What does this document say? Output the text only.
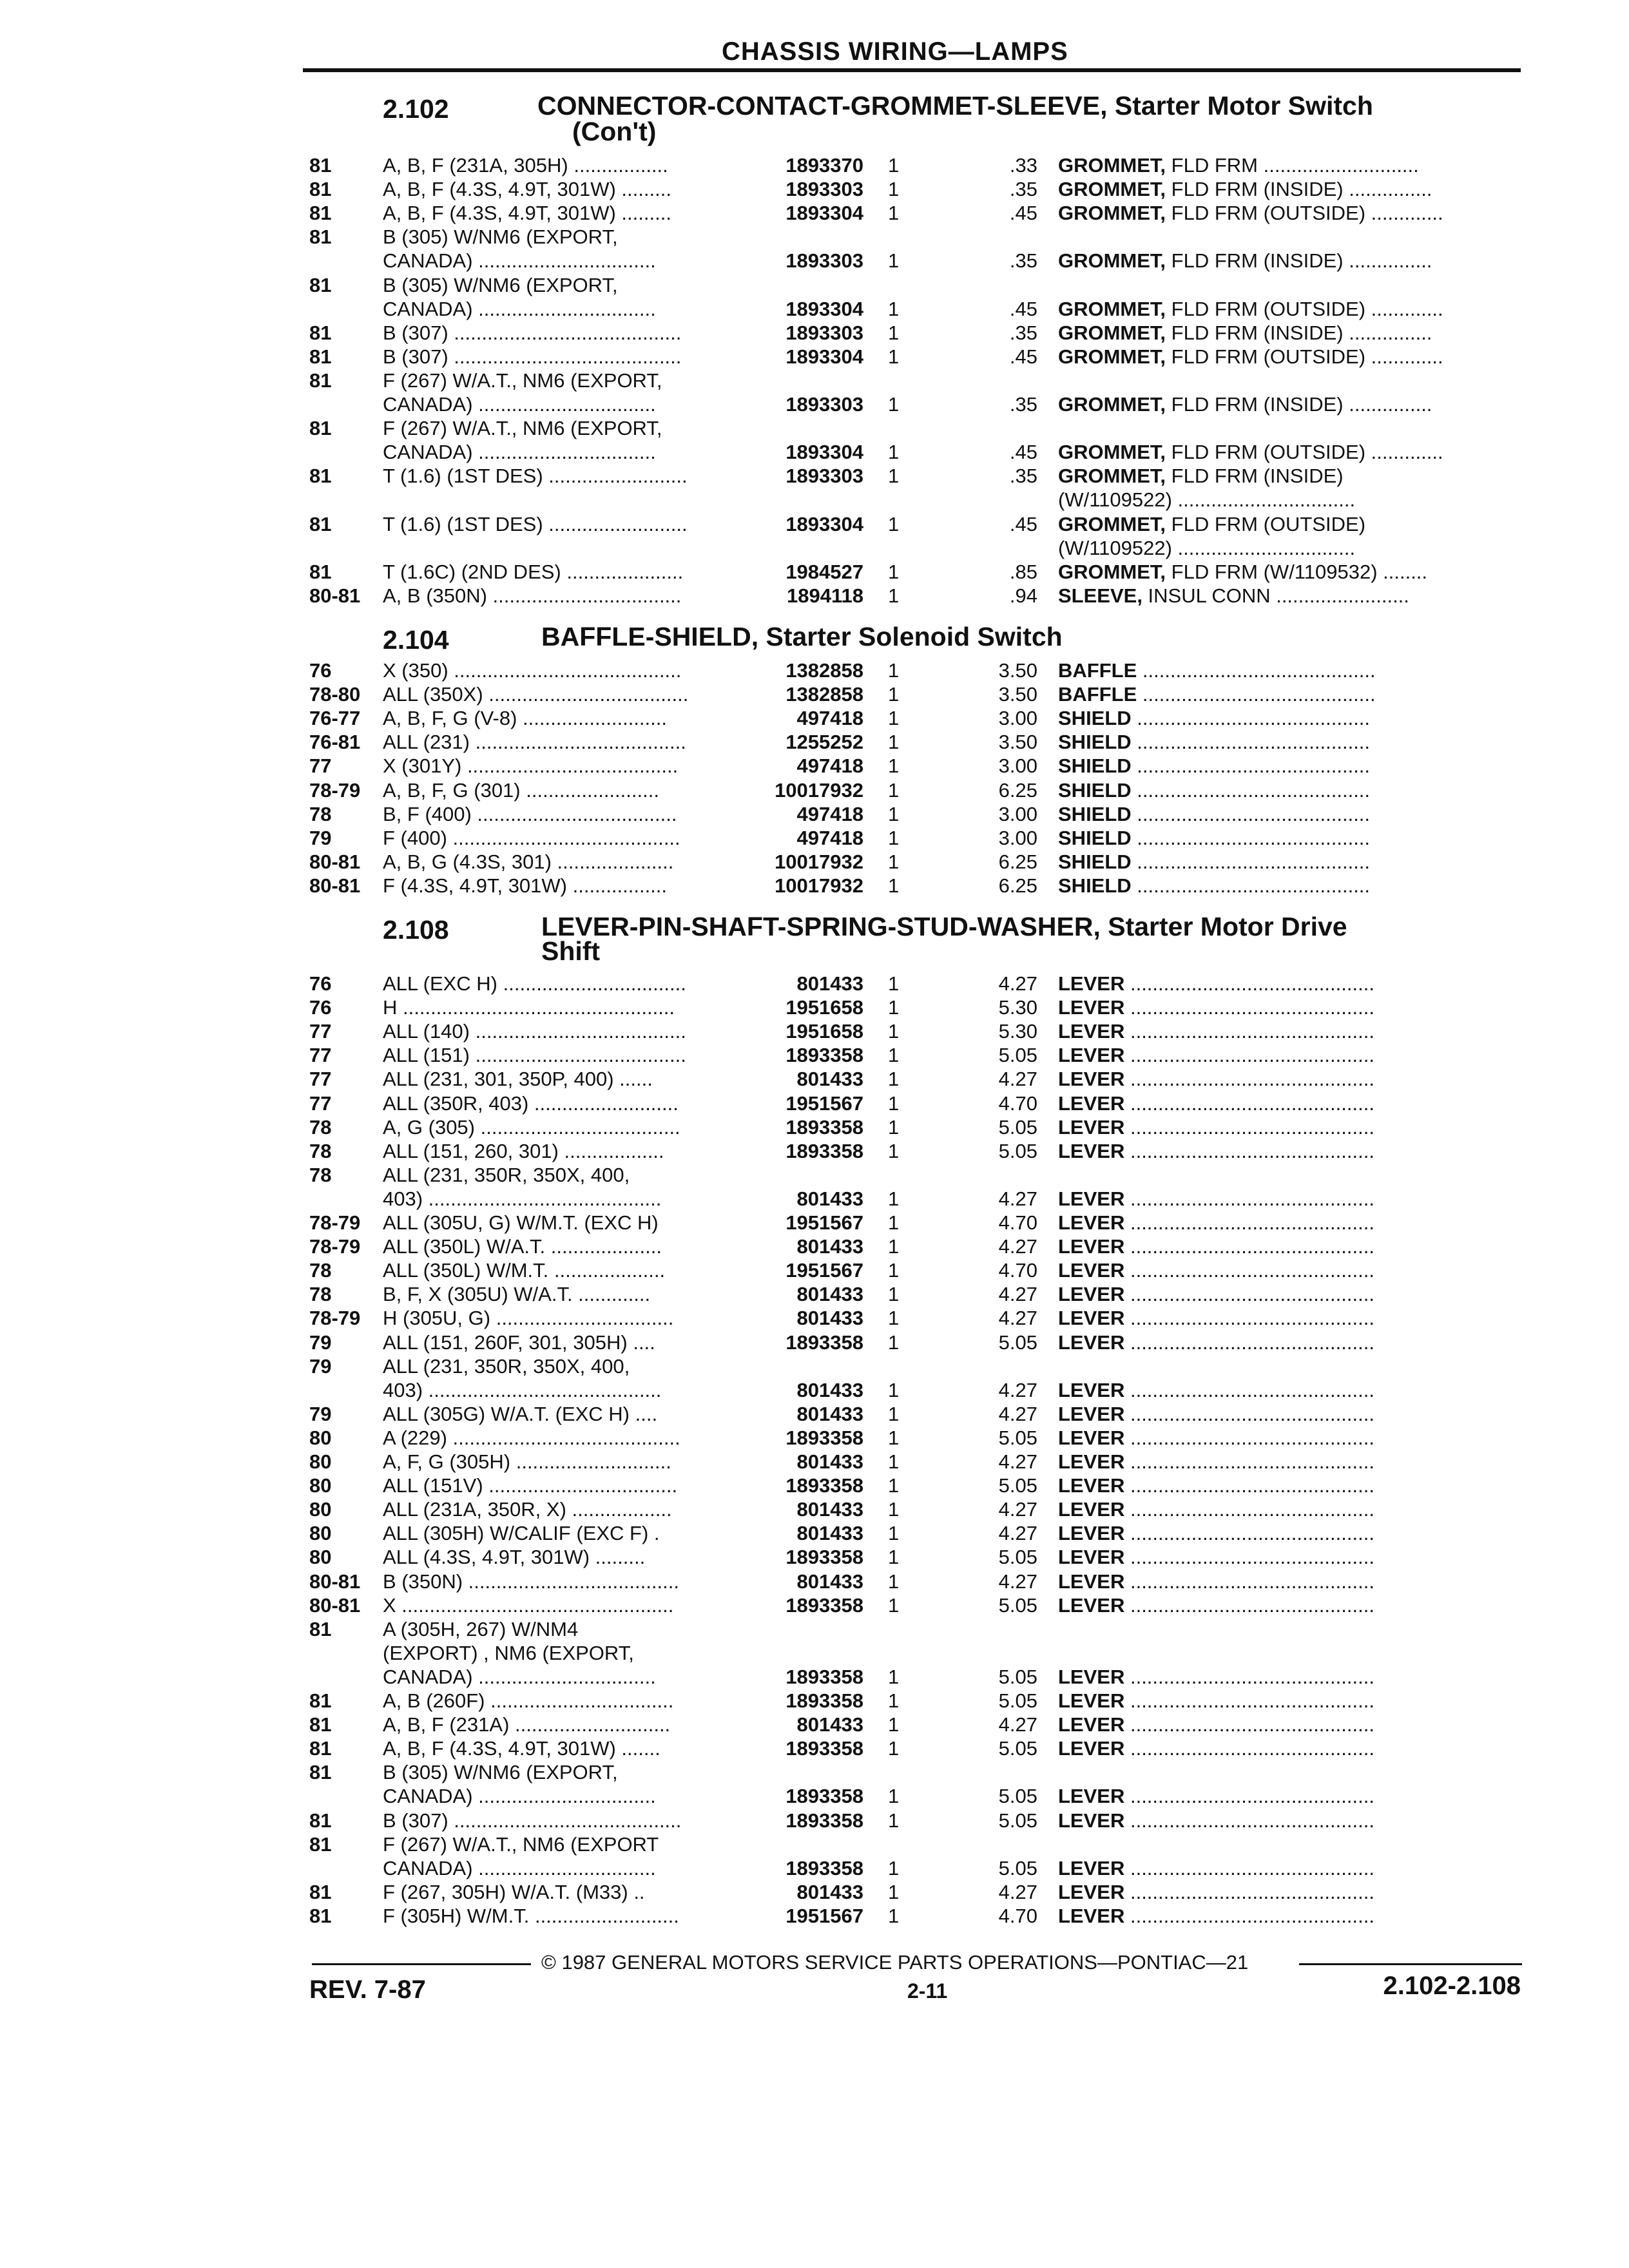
CHASSIS WIRING—LAMPS
2.102	CONNECTOR-CONTACT-GROMMET-SLEEVE, Starter Motor Switch
(Con't)
81	A, B, F (231A, 305H) .................	1893370 1	.33 GROMMET, FLD FRM ............................
81	A, B, F (4.3S, 4.9T, 301W) .........	1893303 1	.35 GROMMET, FLD FRM (INSIDE) ...............
81	A, B, F (4.3S, 4.9T, 301W) .........	1893304 1	.45 GROMMET, FLD FRM (OUTSIDE) .............
81	B (305) W/NM6 (EXPORT,
CANADA) ................................	1893303 1	.35 GROMMET, FLD FRM (INSIDE) ...............
81	B (305) W/NM6 (EXPORT,
CANADA) ................................	1893304 1	.45 GROMMET, FLD FRM (OUTSIDE) .............
81	B (307) .........................................	1893303 1	.35 GROMMET, FLD FRM (INSIDE) ...............
81	B (307) .........................................	1893304 1	.45 GROMMET, FLD FRM (OUTSIDE) .............
81	F (267) W/A.T., NM6 (EXPORT,
CANADA) ................................	1893303 1	.35 GROMMET, FLD FRM (INSIDE) ...............
81	F (267) W/A.T., NM6 (EXPORT,
CANADA) ................................	1893304 1	.45 GROMMET, FLD FRM (OUTSIDE) .............
81	T (1.6) (1ST DES) .........................	1893303 1	.35 GROMMET, FLD FRM (INSIDE)
(W/1109522) ................................
81	T (1.6) (1ST DES) .........................	1893304 1	.45 GROMMET, FLD FRM (OUTSIDE)
(W/1109522) ................................
81	T (1.6C) (2ND DES) .....................	1984527 1	.85 GROMMET, FLD FRM (W/1109532) ........
80-81 A, B (350N) ..................................	1894118 1	.94 SLEEVE, INSUL CONN ........................
2.104	BAFFLE-SHIELD, Starter Solenoid Switch
76	X (350) .........................................	1382858 1	3.50 BAFFLE ..........................................
78-80 ALL (350X) ....................................	1382858 1	3.50 BAFFLE ..........................................
76-77 A, B, F, G (V-8) ..........................	497418 1	3.00 SHIELD ..........................................
76-81 ALL (231) ......................................	1255252 1	3.50 SHIELD ..........................................
77	X (301Y) ......................................	497418 1	3.00 SHIELD ..........................................
78-79 A, B, F, G (301) ........................	10017932 1	6.25 SHIELD ..........................................
78	B, F (400) ....................................	497418 1	3.00 SHIELD ..........................................
79	F (400) .........................................	497418 1	3.00 SHIELD ..........................................
80-81 A, B, G (4.3S, 301) .....................	10017932 1	6.25 SHIELD ..........................................
80-81 F (4.3S, 4.9T, 301W) .................	10017932 1	6.25 SHIELD ..........................................
2.108	LEVER-PIN-SHAFT-SPRING-STUD-WASHER, Starter Motor Drive
Shift
76	ALL (EXC H) .................................	801433 1	4.27 LEVER ............................................
76	H .................................................	1951658 1	5.30 LEVER ............................................
77	ALL (140) ......................................	1951658 1	5.30 LEVER ............................................
77	ALL (151) ......................................	1893358 1	5.05 LEVER ............................................
77	ALL (231, 301, 350P, 400) ......	801433 1	4.27 LEVER ............................................
77	ALL (350R, 403) ..........................	1951567 1	4.70 LEVER ............................................
78	A, G (305) ....................................	1893358 1	5.05 LEVER ............................................
78	ALL (151, 260, 301) ..................	1893358 1	5.05 LEVER ............................................
78	ALL (231, 350R, 350X, 400,
403) ..........................................	801433 1	4.27 LEVER ............................................
78-79 ALL (305U, G) W/M.T. (EXC H)	1951567 1	4.70 LEVER ............................................
78-79 ALL (350L) W/A.T. ....................	801433 1	4.27 LEVER ............................................
78	ALL (350L) W/M.T. ....................	1951567 1	4.70 LEVER ............................................
78	B, F, X (305U) W/A.T. .............	801433 1	4.27 LEVER ............................................
78-79 H (305U, G) ................................	801433 1	4.27 LEVER ............................................
79	ALL (151, 260F, 301, 305H) ....	1893358 1	5.05 LEVER ............................................
79	ALL (231, 350R, 350X, 400,
403) ..........................................	801433 1	4.27 LEVER ............................................
79	ALL (305G) W/A.T. (EXC H) ....	801433 1	4.27 LEVER ............................................
80	A (229) .........................................	1893358 1	5.05 LEVER ............................................
80	A, F, G (305H) ............................	801433 1	4.27 LEVER ............................................
80	ALL (151V) ..................................	1893358 1	5.05 LEVER ............................................
80	ALL (231A, 350R, X) ..................	801433 1	4.27 LEVER ............................................
80	ALL (305H) W/CALIF (EXC F) .	801433 1	4.27 LEVER ............................................
80	ALL (4.3S, 4.9T, 301W) .........	1893358 1	5.05 LEVER ............................................
80-81 B (350N) ......................................	801433 1	4.27 LEVER ............................................
80-81 X .................................................	1893358 1	5.05 LEVER ............................................
81	A (305H, 267) W/NM4
(EXPORT) , NM6 (EXPORT,
CANADA) ................................	1893358 1	5.05 LEVER ............................................
81	A, B (260F) .................................	1893358 1	5.05 LEVER ............................................
81	A, B, F (231A) ............................	801433 1	4.27 LEVER ............................................
81	A, B, F (4.3S, 4.9T, 301W) .......	1893358 1	5.05 LEVER ............................................
81	B (305) W/NM6 (EXPORT,
CANADA) ................................	1893358 1	5.05 LEVER ............................................
81	B (307) .........................................	1893358 1	5.05 LEVER ............................................
81	F (267) W/A.T., NM6 (EXPORT
CANADA) ................................	1893358 1	5.05 LEVER ............................................
81	F (267, 305H) W/A.T. (M33) ..	801433 1	4.27 LEVER ............................................
81	F (305H) W/M.T. ..........................	1951567 1	4.70 LEVER ............................................
© 1987 GENERAL MOTORS SERVICE PARTS OPERATIONS—PONTIAC—21
REV. 7-87	2-11	2.102-2.108
